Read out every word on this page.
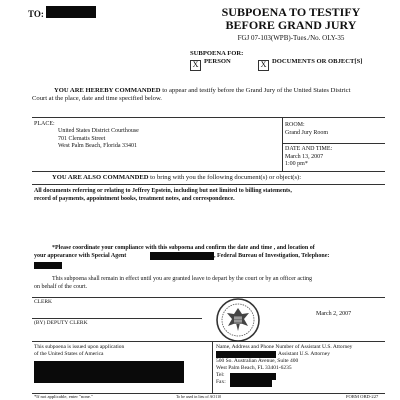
TO:	SUBPOENA TO TESTIFY
BEFORE GRAND JURY
FGJ 07-103(WPB)-Tues./No. OLY-35
SUBPOENA FOR:
X PERSON	X DOCUMENTS OR OBJECT[S]
YOU ARE HEREBY COMMANDED to appear and testify before the Grand Jury of the United States District
Court at the place, date and time specified below.
PLACE:
United States District Courthouse
701 Clematis Street
West Palm Beach, Florida 33401
ROOM:
Grand Jury Room
DATE AND TIME:
March 13, 2007
1:00 pm*
YOU ARE ALSO COMMANDED to bring with you the following document(s) or object(s):
All documents referring or relating to Jeffrey Epstein, including but not limited to billing statements,
record of payments, appointment books, treatment notes, and correspondence.
*Please coordinate your compliance with this subpoena and confirm the date and time , and location of
your appearance with Special Agent	, Federal Bureau of Investigation, Telephone:
This subpoena shall remain in effect until you are granted leave to depart by the court or by an officer acting
on behalf of the court.
CLERK
(BY) DEPUTY CLERK
March 2, 2007
This subpoena is issued upon application
of the United States of America
Name, Address and Phone Number of Assistant U.S. Attorney
Assistant U.S. Attorney
500 So. Australian Avenue, Suite 400
West Palm Beach, FL 33401-6235
Tel:
Fax:
*If not applicable, enter "none."	To be used in lieu of AO110	FORM OBD-227
